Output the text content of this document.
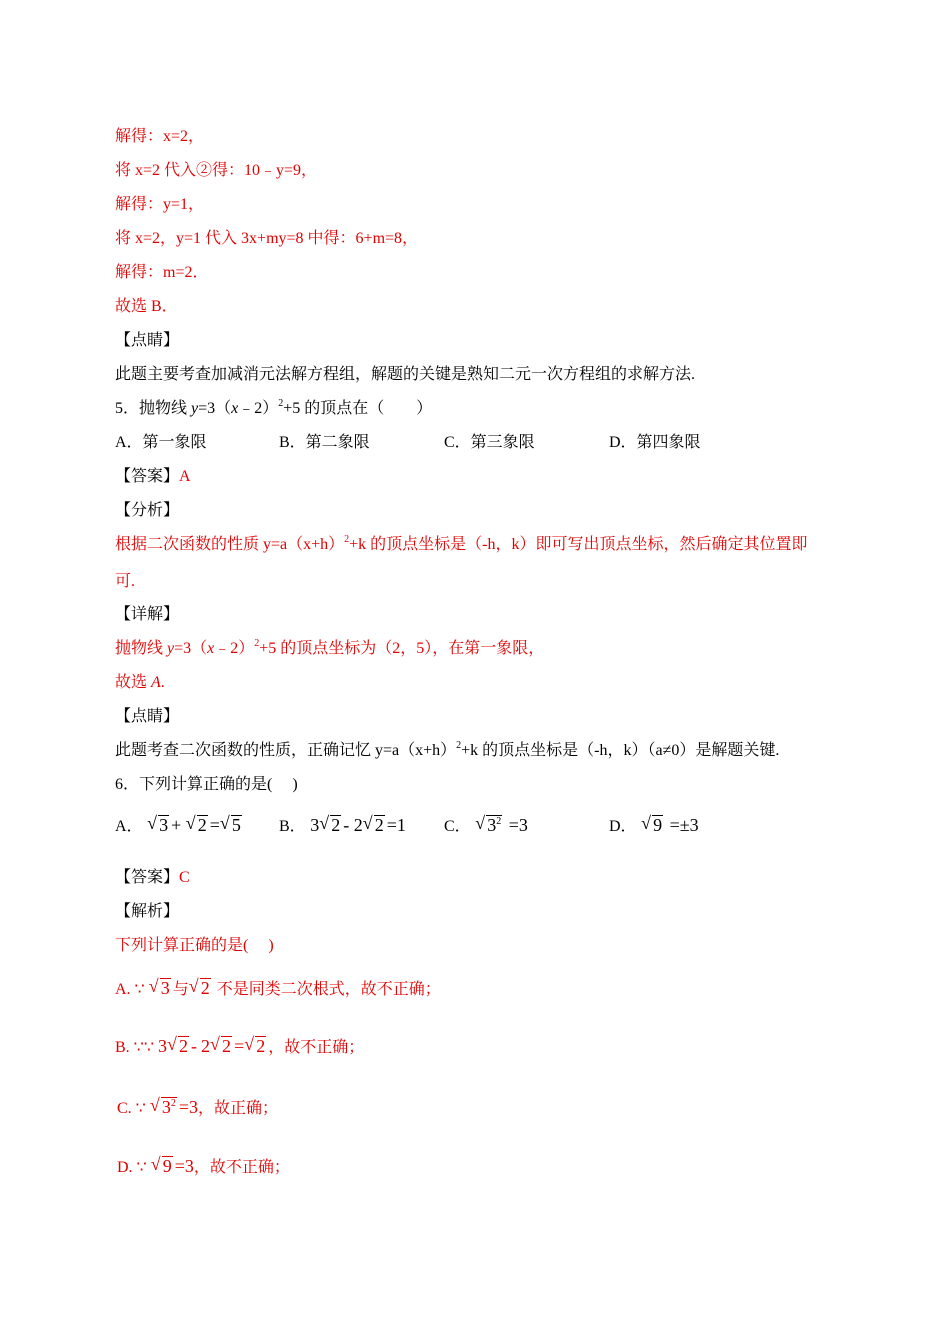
解得：x=2，
将 x=2 代入②得：10﹣y=9，
解得：y=1，
将 x=2，y=1 代入 3x+my=8 中得：6+m=8，
解得：m=2．
故选 B．
【点睛】
此题主要考查加减消元法解方程组，解题的关键是熟知二元一次方程组的求解方法.
5．抛物线 y=3（x﹣2）$^2$+5 的顶点在（　　）
A．第一象限	B．第二象限	C．第三象限	D．第四象限
【答案】A
【分析】
根据二次函数的性质 $y=a(x+h)^2+k$ 的顶点坐标是（-h，k）即可写出顶点坐标，然后确定其位置即
可.
【详解】
抛物线 y=3（x﹣2）$^2$+5 的顶点坐标为（2，5），在第一象限，
故选 A.
【点睛】
此题考查二次函数的性质，正确记忆 $y=a(x+h)^2+k$ 的顶点坐标是（-h，k）（a≠0）是解题关键.
6．下列计算正确的是(　 )
A． √ 3 + √ 2 = √ 5 B． 3 √ 2 - 2 √ 2 =1 C． √ $3^2 =3$	D． √ 9 =±3
【答案】C
【解析】
下列计算正确的是(　 )
A. ∵ √ 3 与 √ 2 不是同类二次根式，故不正确；
B. ∵∵ 3 √ 2 - 2 √ 2 = √ 2 ，故不正确；
C. ∵ √ $3^2 =3$，故正确；
D. ∵ √ 9 =3，故不正确；
